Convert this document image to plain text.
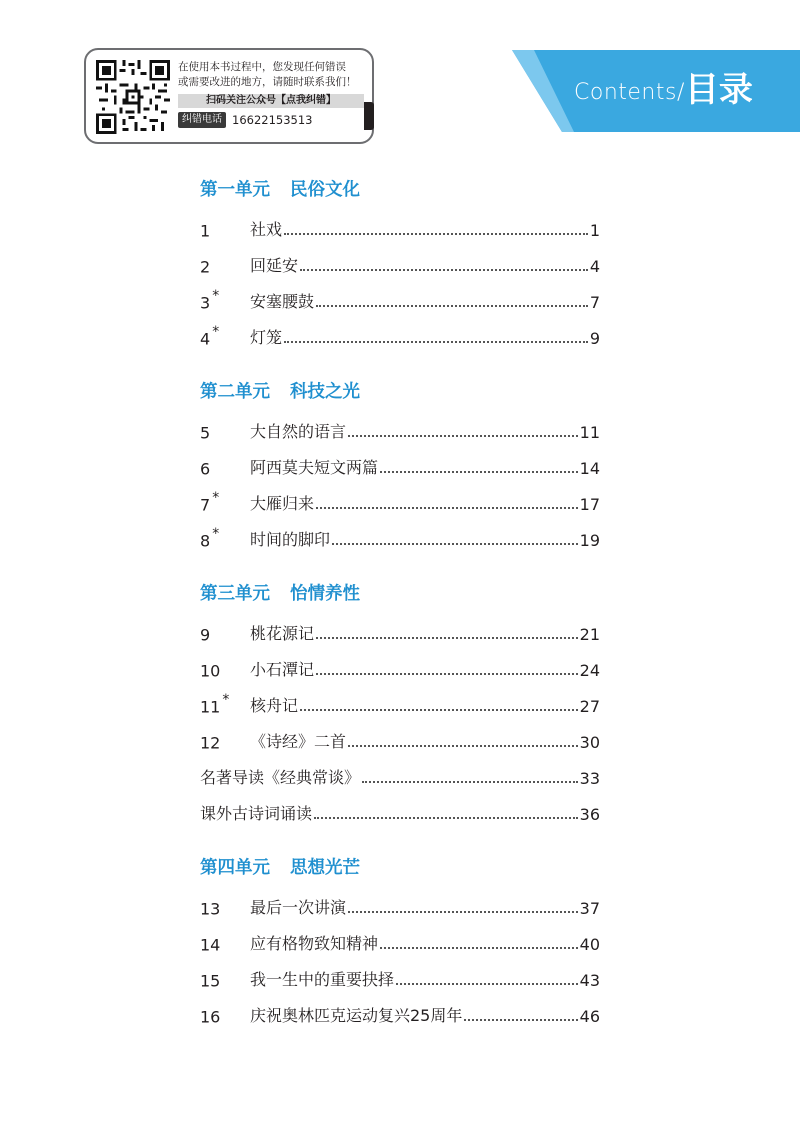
在使用本书过程中，您发现任何错误
或需要改进的地方，请随时联系我们！
扫码关注公众号【点我纠错】
纠错电话 16622153513
Contents/目录
第一单元 民俗文化
1	社戏	1
2	回延安	4
3 *	安塞腰鼓	7
4 *	灯笼	9
第二单元 科技之光
5	大自然的语言	11
6	阿西莫夫短文两篇	14
7 *	大雁归来	17
8 *	时间的脚印	19
第三单元 怡情养性
9	桃花源记	21
10	小石潭记	24
11 *	核舟记	27
12	《诗经》二首	30
名著导读《经典常谈》	33
课外古诗词诵读	36
第四单元 思想光芒
13	最后一次讲演	37
14	应有格物致知精神	40
15	我一生中的重要抉择	43
16	庆祝奥林匹克运动复兴25周年	46
